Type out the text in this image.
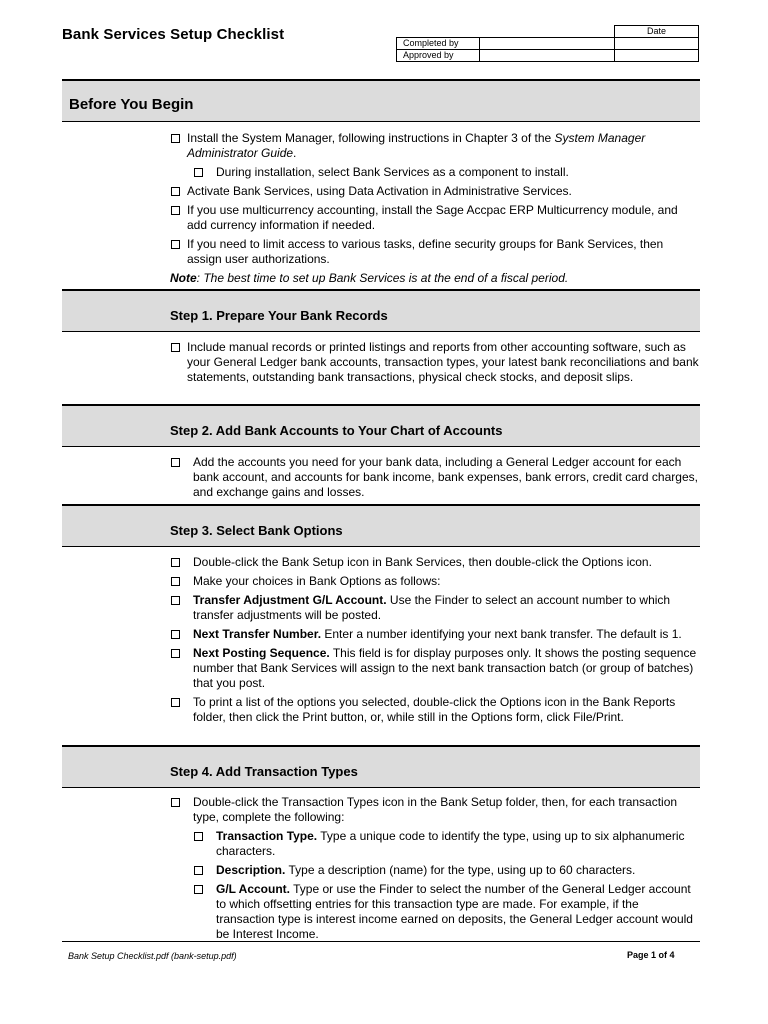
Bank Services Setup Checklist
			Date
Completed by		
Approved by		
Before You Begin
Install the System Manager, following instructions in Chapter 3 of the System Manager Administrator Guide.
During installation, select Bank Services as a component to install.
Activate Bank Services, using Data Activation in Administrative Services.
If you use multicurrency accounting, install the Sage Accpac ERP Multicurrency module, and add currency information if needed.
If you need to limit access to various tasks, define security groups for Bank Services, then assign user authorizations.
Note: The best time to set up Bank Services is at the end of a fiscal period.
Step 1. Prepare Your Bank Records
Include manual records or printed listings and reports from other accounting software, such as your General Ledger bank accounts, transaction types, your latest bank reconciliations and bank statements, outstanding bank transactions, physical check stocks, and deposit slips.
Step 2. Add Bank Accounts to Your Chart of Accounts
Add the accounts you need for your bank data, including a General Ledger account for each bank account, and accounts for bank income, bank expenses, bank errors, credit card charges, and exchange gains and losses.
Step 3. Select Bank Options
Double-click the Bank Setup icon in Bank Services, then double-click the Options icon.
Make your choices in Bank Options as follows:
Transfer Adjustment G/L Account. Use the Finder to select an account number to which transfer adjustments will be posted.
Next Transfer Number. Enter a number identifying your next bank transfer. The default is 1.
Next Posting Sequence. This field is for display purposes only. It shows the posting sequence number that Bank Services will assign to the next bank transaction batch (or group of batches) that you post.
To print a list of the options you selected, double-click the Options icon in the Bank Reports folder, then click the Print button, or, while still in the Options form, click File/Print.
Step 4. Add Transaction Types
Double-click the Transaction Types icon in the Bank Setup folder, then, for each transaction type, complete the following:
Transaction Type. Type a unique code to identify the type, using up to six alphanumeric characters.
Description. Type a description (name) for the type, using up to 60 characters.
G/L Account. Type or use the Finder to select the number of the General Ledger account to which offsetting entries for this transaction type are made. For example, if the transaction type is interest income earned on deposits, the General Ledger account would be Interest Income.
Bank Setup Checklist.pdf (bank-setup.pdf)	Page 1 of 4
